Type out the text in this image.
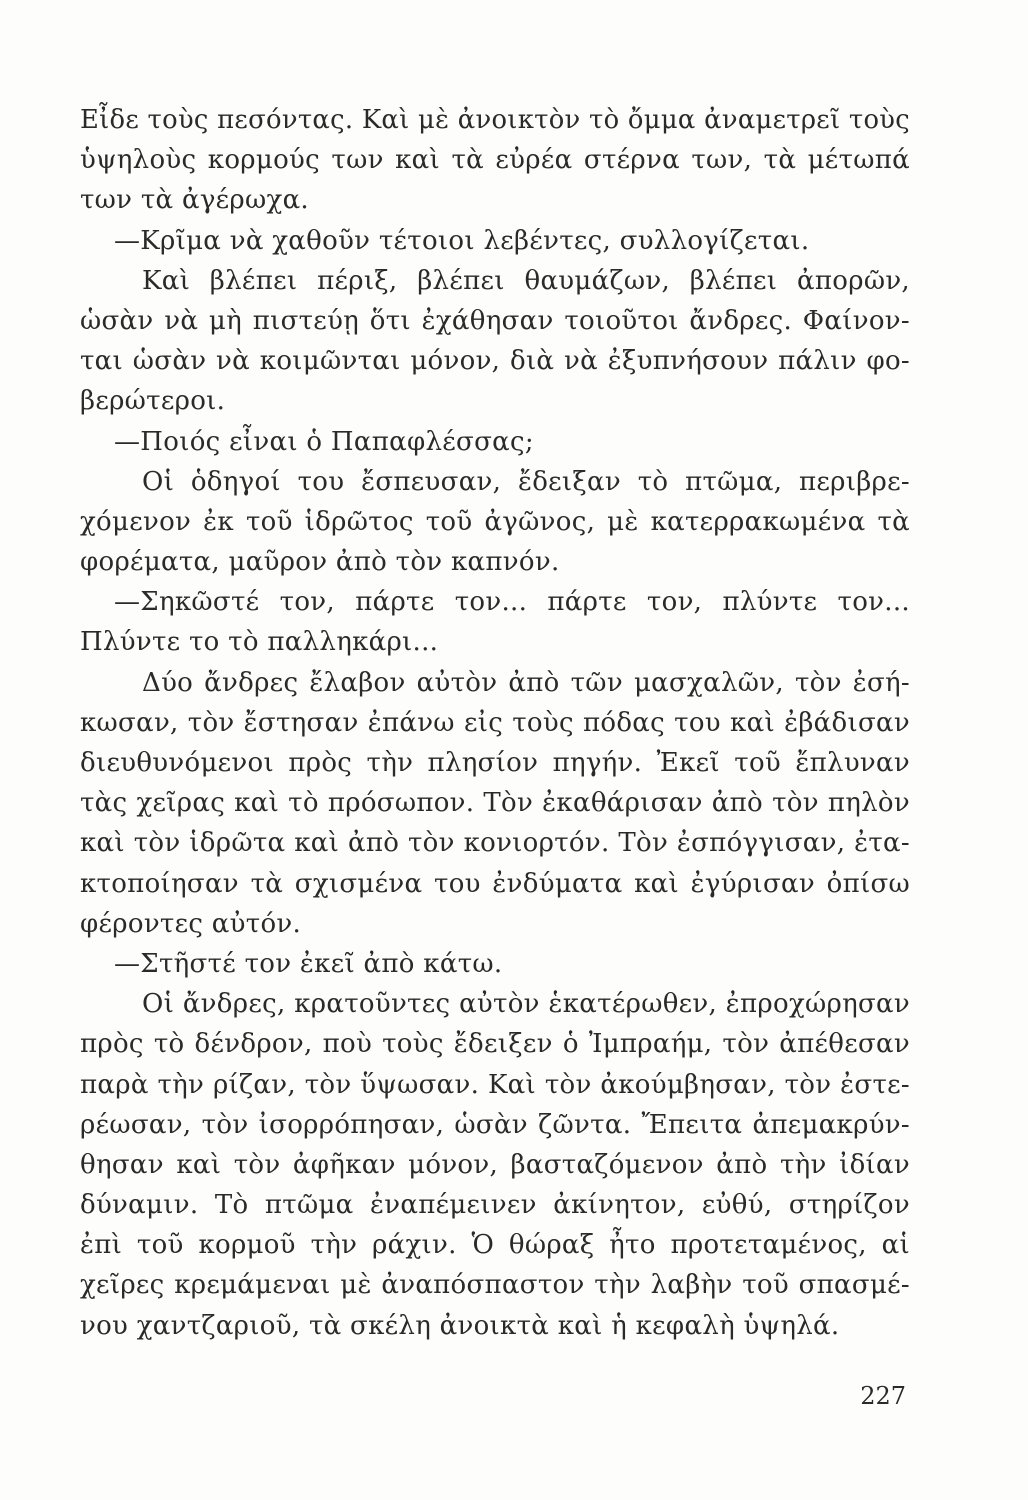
Εἶδε τοὺς πεσόντας. Καὶ μὲ ἀνοικτὸν τὸ ὄμμα ἀναμετρεῖ τοὺς
ὑψηλοὺς κορμούς των καὶ τὰ εὐρέα στέρνα των, τὰ μέτωπά
των τὰ ἀγέρωχα.
—Κρῖμα νὰ χαθοῦν τέτοιοι λεβέντες, συλλογίζεται.
Καὶ βλέπει πέριξ, βλέπει θαυμάζων, βλέπει ἀπορῶν,
ὡσὰν νὰ μὴ πιστεύῃ ὅτι ἐχάθησαν τοιοῦτοι ἄνδρες. Φαίνον-
ται ὡσὰν νὰ κοιμῶνται μόνον, διὰ νὰ ἐξυπνήσουν πάλιν φο-
βερώτεροι.
—Ποιός εἶναι ὁ Παπαφλέσσας;
Οἱ ὁδηγοί του ἔσπευσαν, ἔδειξαν τὸ πτῶμα, περιβρε-
χόμενον ἐκ τοῦ ἱδρῶτος τοῦ ἀγῶνος, μὲ κατερρακωμένα τὰ
φορέματα, μαῦρον ἀπὸ τὸν καπνόν.
—Σηκῶστέ τον, πάρτε τον... πάρτε τον, πλύντε τον...
Πλύντε το τὸ παλληκάρι...
Δύο ἄνδρες ἔλαβον αὐτὸν ἀπὸ τῶν μασχαλῶν, τὸν ἐσή-
κωσαν, τὸν ἔστησαν ἐπάνω εἰς τοὺς πόδας του καὶ ἐβάδισαν
διευθυνόμενοι πρὸς τὴν πλησίον πηγήν. Ἐκεῖ τοῦ ἔπλυναν
τὰς χεῖρας καὶ τὸ πρόσωπον. Τὸν ἐκαθάρισαν ἀπὸ τὸν πηλὸν
καὶ τὸν ἱδρῶτα καὶ ἀπὸ τὸν κονιορτόν. Τὸν ἐσπόγγισαν, ἐτα-
κτοποίησαν τὰ σχισμένα του ἐνδύματα καὶ ἐγύρισαν ὀπίσω
φέροντες αὐτόν.
—Στῆστέ τον ἐκεῖ ἀπὸ κάτω.
Οἱ ἄνδρες, κρατοῦντες αὐτὸν ἑκατέρωθεν, ἐπροχώρησαν
πρὸς τὸ δένδρον, ποὺ τοὺς ἔδειξεν ὁ Ἰμπραήμ, τὸν ἀπέθεσαν
παρὰ τὴν ρίζαν, τὸν ὕψωσαν. Καὶ τὸν ἀκούμβησαν, τὸν ἐστε-
ρέωσαν, τὸν ἰσορρόπησαν, ὡσὰν ζῶντα. Ἔπειτα ἀπεμακρύν-
θησαν καὶ τὸν ἀφῆκαν μόνον, βασταζόμενον ἀπὸ τὴν ἰδίαν
δύναμιν. Τὸ πτῶμα ἐναπέμεινεν ἀκίνητον, εὐθύ, στηρίζον
ἐπὶ τοῦ κορμοῦ τὴν ράχιν. Ὁ θώραξ ἦτο προτεταμένος, αἱ
χεῖρες κρεμάμεναι μὲ ἀναπόσπαστον τὴν λαβὴν τοῦ σπασμέ-
νου χαντζαριοῦ, τὰ σκέλη ἀνοικτὰ καὶ ἡ κεφαλὴ ὑψηλά.
227
